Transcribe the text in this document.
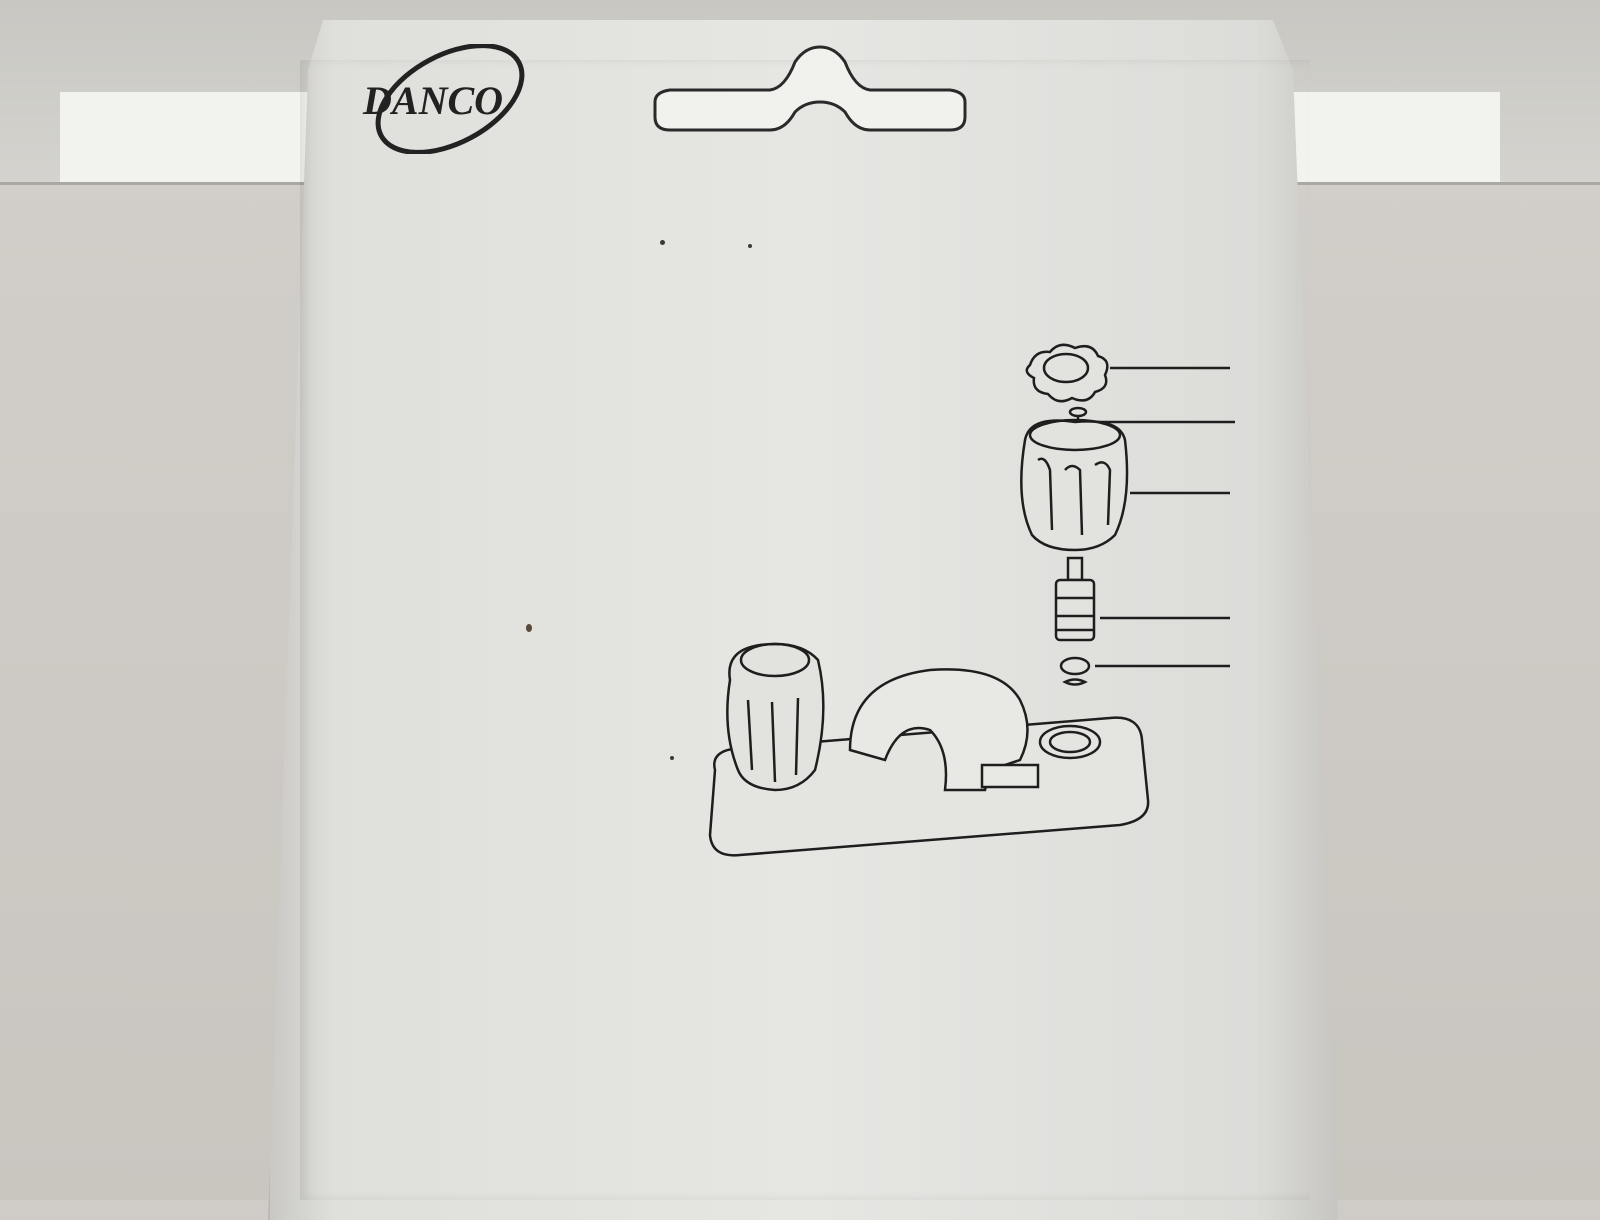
DANCO
